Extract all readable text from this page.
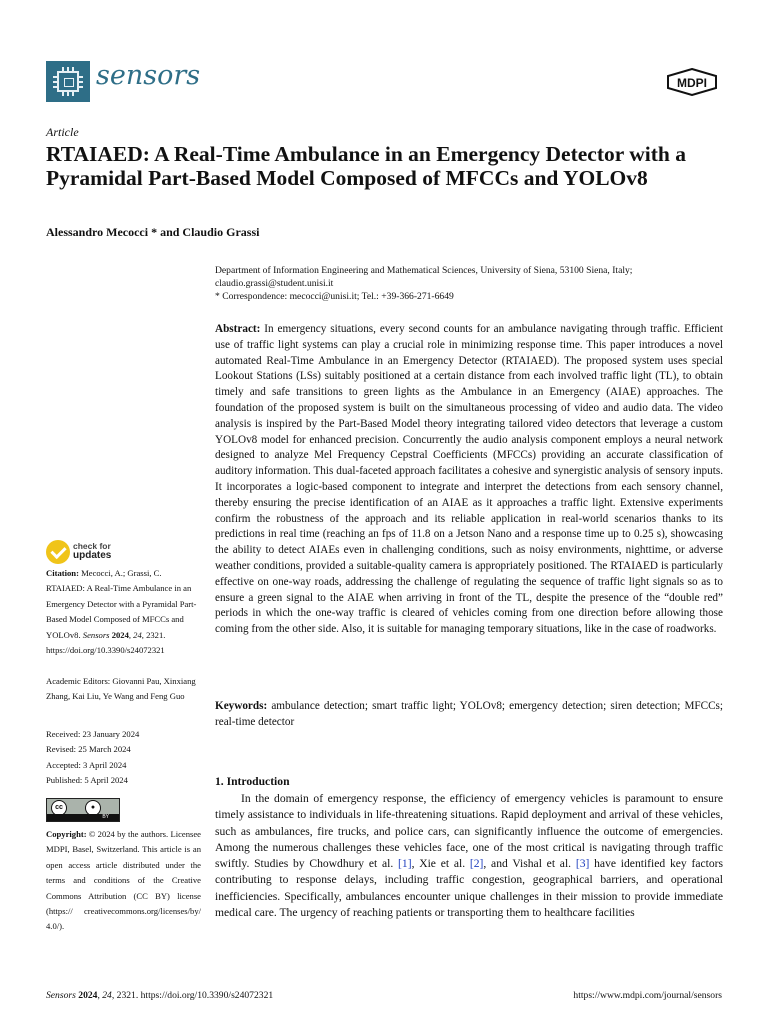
sensors	MDPI
Article
RTAIAED: A Real-Time Ambulance in an Emergency Detector with a Pyramidal Part-Based Model Composed of MFCCs and YOLOv8
Alessandro Mecocci * and Claudio Grassi
Department of Information Engineering and Mathematical Sciences, University of Siena, 53100 Siena, Italy;
claudio.grassi@student.unisi.it
* Correspondence: mecocci@unisi.it; Tel.: +39-366-271-6649
Abstract: In emergency situations, every second counts for an ambulance navigating through traffic. Efficient use of traffic light systems can play a crucial role in minimizing response time. This paper introduces a novel automated Real-Time Ambulance in an Emergency Detector (RTAIAED). The proposed system uses special Lookout Stations (LSs) suitably positioned at a certain distance from each involved traffic light (TL), to obtain timely and safe transitions to green lights as the Ambulance in an Emergency (AIAE) approaches. The foundation of the proposed system is built on the simultaneous processing of video and audio data. The video analysis is inspired by the Part-Based Model theory integrating tailored video detectors that leverage a custom YOLOv8 model for enhanced precision. Concurrently the audio analysis component employs a neural network designed to analyze Mel Frequency Cepstral Coefficients (MFCCs) providing an accurate classification of auditory information. This dual-faceted approach facilitates a cohesive and synergistic analysis of sensory inputs. It incorporates a logic-based component to integrate and interpret the detections from each sensory channel, thereby ensuring the precise identification of an AIAE as it approaches a traffic light. Extensive experiments confirm the robustness of the approach and its reliable application in real-world scenarios thanks to its predictions in real time (reaching an fps of 11.8 on a Jetson Nano and a response time up to 0.25 s), showcasing the ability to detect AIAEs even in challenging conditions, such as noisy environments, nighttime, or adverse weather conditions, provided a suitable-quality camera is appropriately positioned. The RTAIAED is particularly effective on one-way roads, addressing the challenge of regulating the sequence of traffic light signals so as to ensure a green signal to the AIAE when arriving in front of the TL, despite the presence of the “double red” periods in which the one-way traffic is cleared of vehicles coming from one direction before allowing those coming from the other side. Also, it is suitable for managing temporary situations, like in the case of roadworks.
Keywords: ambulance detection; smart traffic light; YOLOv8; emergency detection; siren detection; MFCCs; real-time detector
check for
updates
Citation: Mecocci, A.; Grassi, C. RTAIAED: A Real-Time Ambulance in an Emergency Detector with a Pyramidal Part-Based Model Composed of MFCCs and YOLOv8. Sensors 2024, 24, 2321. https://doi.org/10.3390/s24072321
Academic Editors: Giovanni Pau, Xinxiang Zhang, Kai Liu, Ye Wang and Feng Guo
Received: 23 January 2024
Revised: 25 March 2024
Accepted: 3 April 2024
Published: 5 April 2024
cc	●
BY
Copyright: © 2024 by the authors. Licensee MDPI, Basel, Switzerland. This article is an open access article distributed under the terms and conditions of the Creative Commons Attribution (CC BY) license (https:// creativecommons.org/licenses/by/ 4.0/).
1. Introduction

In the domain of emergency response, the efficiency of emergency vehicles is paramount to ensure timely assistance to individuals in life-threatening situations. Rapid deployment and arrival of these vehicles, such as ambulances, fire trucks, and police cars, can significantly influence the outcome of emergencies. Among the numerous challenges these vehicles face, one of the most critical is navigating through traffic swiftly. Studies by Chowdhury et al. [1], Xie et al. [2], and Vishal et al. [3] have identified key factors contributing to response delays, including traffic congestion, geographical barriers, and operational inefficiencies. Specifically, ambulances encounter unique challenges in their mission to provide immediate medical care. The urgency of reaching patients or transporting them to healthcare facilities

Sensors 2024, 24, 2321. https://doi.org/10.3390/s24072321	https://www.mdpi.com/journal/sensors
